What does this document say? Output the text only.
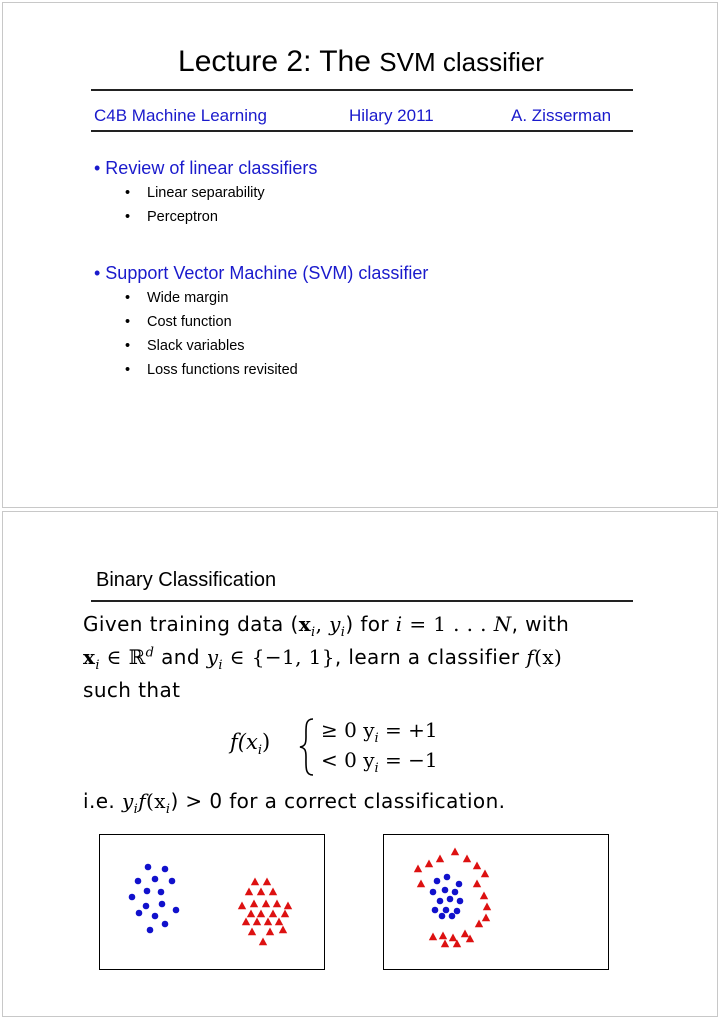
Lecture 2: The SVM classifier
C4B Machine Learning	Hilary 2011	A. Zisserman
• Review of linear classifiers
• Linear separability
• Perceptron
• Support Vector Machine (SVM) classifier
• Wide margin
• Cost function
• Slack variables
• Loss functions revisited
Binary Classification
Given training data ($x_i$, $y_i$) for i = 1 . . . N, with
$x_i$ ∈ ℝ$^d$ and $y_i$ ∈ {−1, 1}, learn a classifier f(x)
such that
$f(x_i)$	≥ 0 $y_i = +1$
< 0 $y_i = -1$
i.e. $y_if(x_i) > 0$ for a correct classification.
